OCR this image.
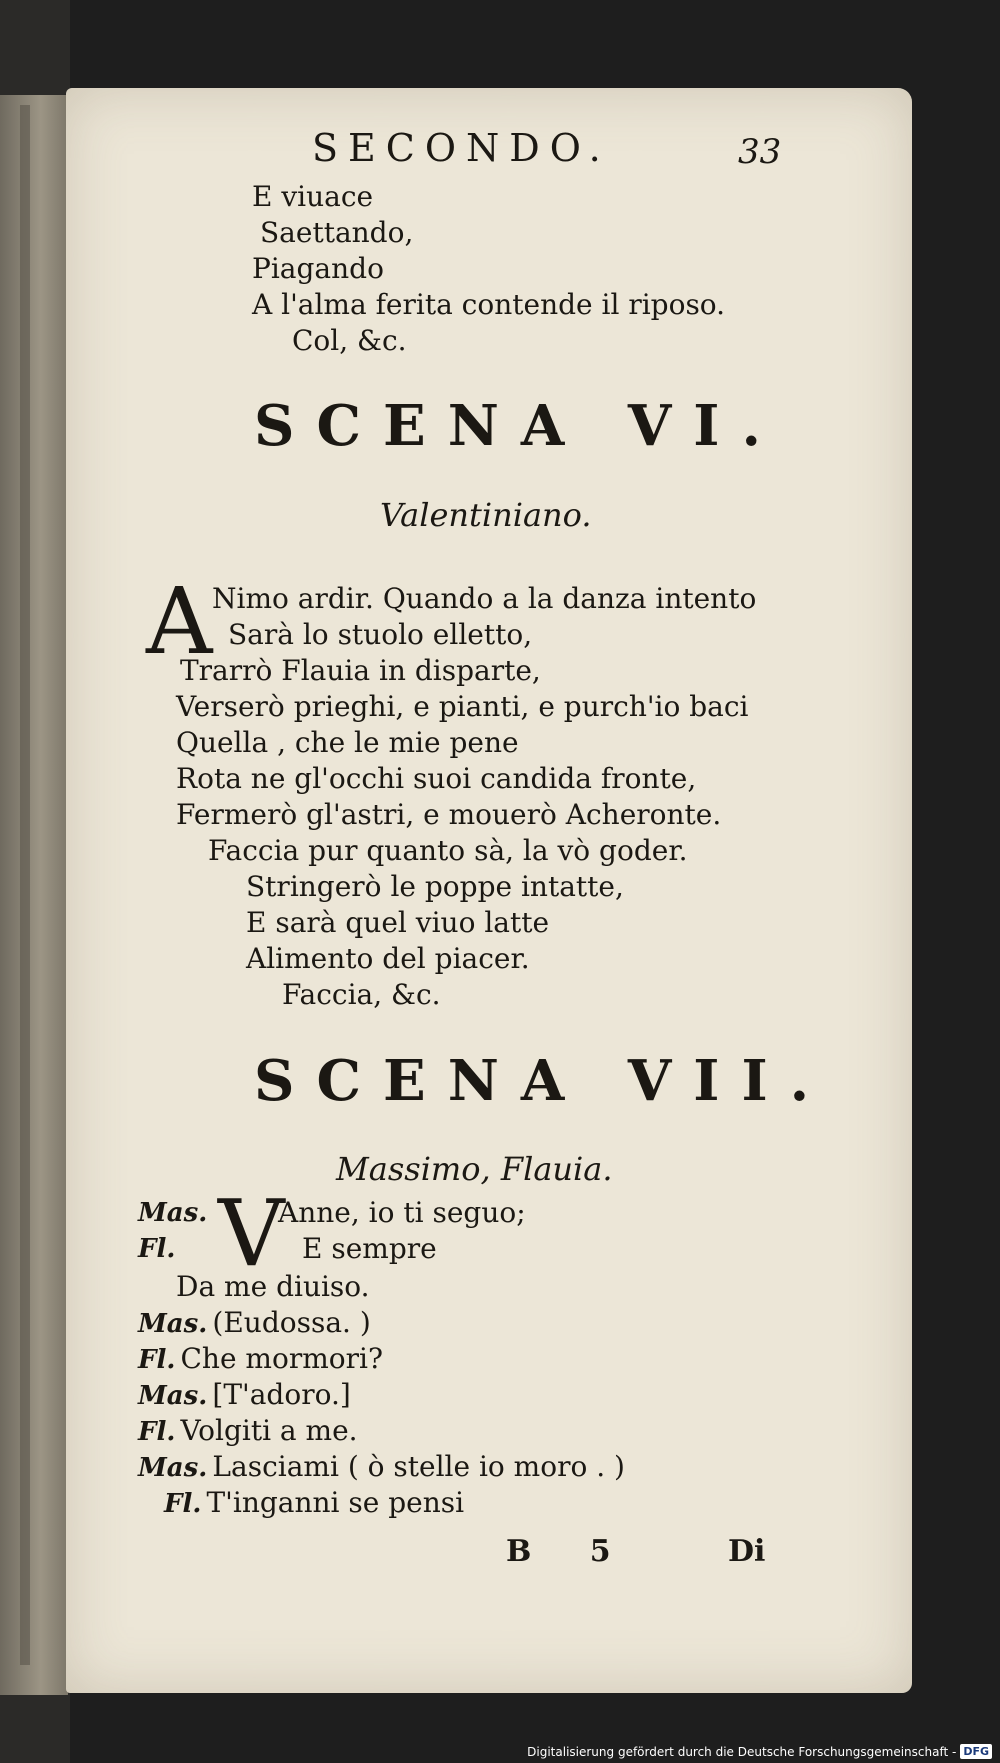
SECONDO.	33
E viuace
Saettando,
Piagando
A l'alma ferita contende il riposo.
Col, &c.
SCENA VI.
Valentiniano.
A Nimo ardir. Quando a la danza intento
Sarà lo stuolo elletto,
Trarrò Flauia in disparte,
Verserò prieghi, e pianti, e purch'io baci
Quella , che le mie pene
Rota ne gl'occhi suoi candida fronte,
Fermerò gl'astri, e mouerò Acheronte.
Faccia pur quanto sà, la vò goder.
Stringerò le poppe intatte,
E sarà quel viuo latte
Alimento del piacer.
Faccia, &c.
SCENA VII.
Massimo, Flauia.
V
Mas.	Anne, io ti seguo;
Fl.	E sempre
Da me diuiso.
Mas. (Eudossa. )
Fl. Che mormori?
Mas. [T'adoro.]
Fl. Volgiti a me.
Mas. Lasciami ( ò stelle io moro . )
Fl. T'inganni se pensi
B 5	Di
Digitalisierung gefördert durch die Deutsche Forschungsgemeinschaft - DFG
